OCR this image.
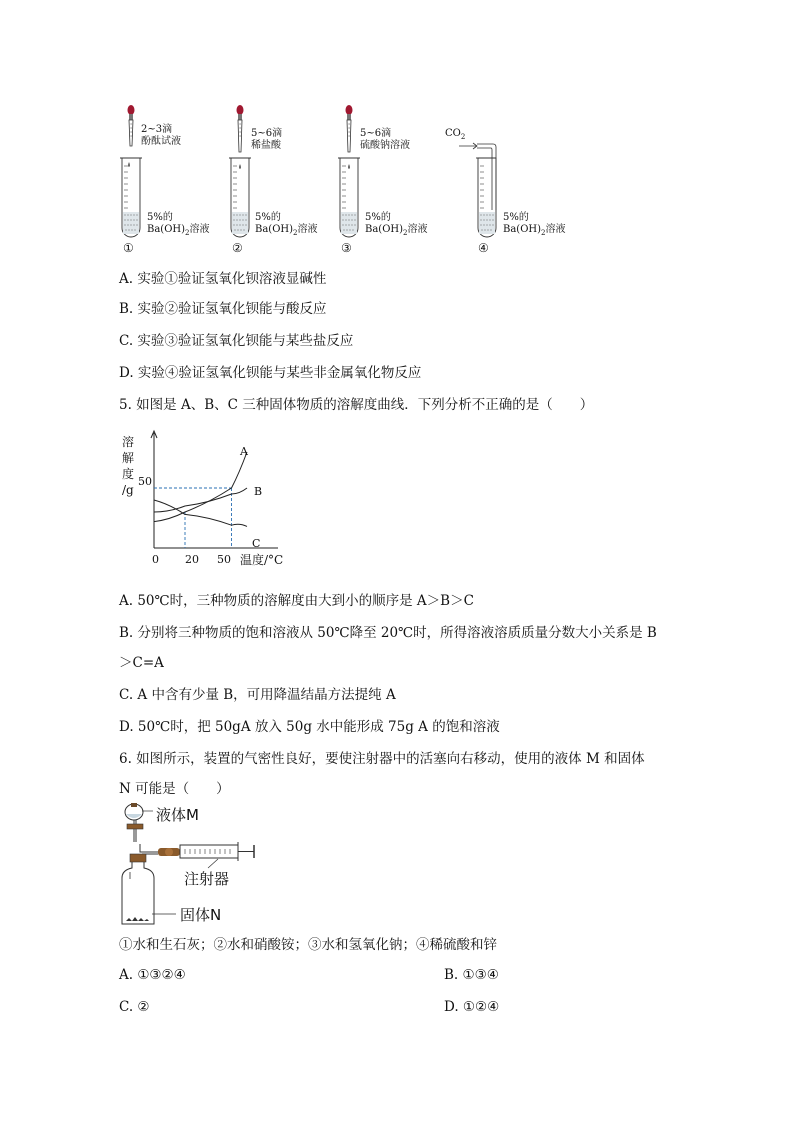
2~3滴
酚酞试液
5%的
$Ba(OH)_2$溶液
①
5~6滴
稀盐酸
5%的
$Ba(OH)_2$溶液
②
5~6滴
硫酸钠溶液
5%的
$Ba(OH)_2$溶液
③
$CO_2$
5%的
$Ba(OH)_2$溶液
④
A. 实验①验证氢氧化钡溶液显碱性
B. 实验②验证氢氧化钡能与酸反应
C. 实验③验证氢氧化钡能与某些盐反应
D. 实验④验证氢氧化钡能与某些非金属氧化物反应
5. 如图是 A、B、C 三种固体物质的溶解度曲线．下列分析不正确的是（　　）
溶
解
度
/g
50
0 20 50 温度/°C
A
B
C
A. 50℃时，三种物质的溶解度由大到小的顺序是 A＞B＞C
B. 分别将三种物质的饱和溶液从 50℃降至 20℃时，所得溶液溶质质量分数大小关系是 B
＞C=A
C. A 中含有少量 B，可用降温结晶方法提纯 A
D. 50℃时，把 50gA 放入 50g 水中能形成 75g A 的饱和溶液
6. 如图所示，装置的气密性良好，要使注射器中的活塞向右移动，使用的液体 M 和固体
N 可能是（　　）
液体M
注射器
固体N
①水和生石灰；②水和硝酸铵；③水和氢氧化钠；④稀硫酸和锌
A. ①③②④	B. ①③④
C. ②	D. ①②④
